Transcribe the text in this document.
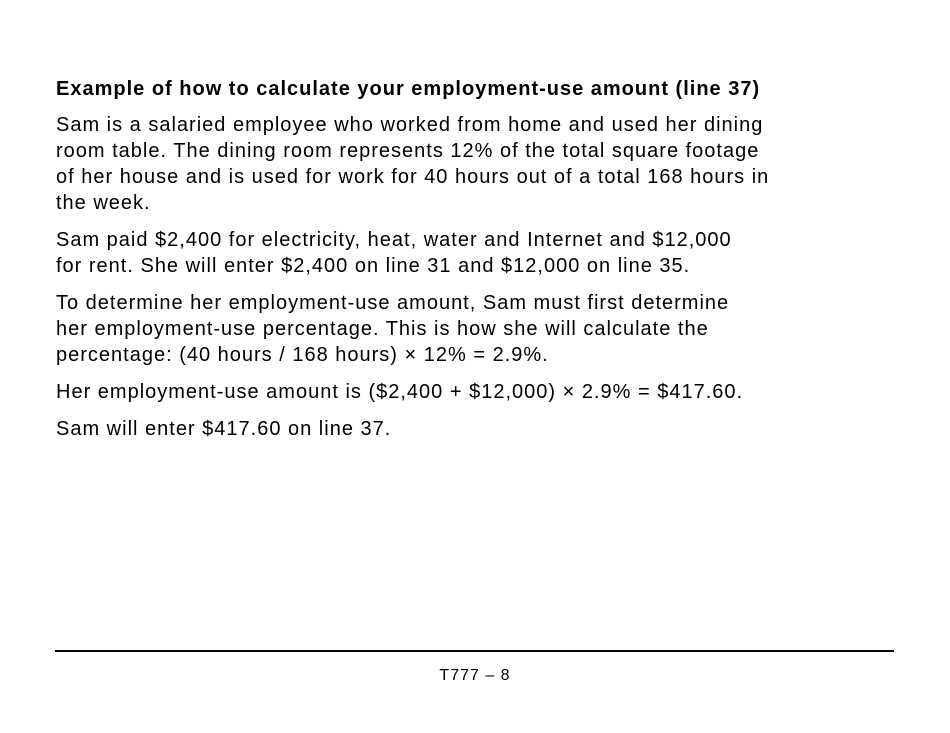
Example of how to calculate your employment-use amount (line 37)

Sam is a salaried employee who worked from home and used her dining
room table. The dining room represents 12% of the total square footage
of her house and is used for work for 40 hours out of a total 168 hours in
the week.

Sam paid $2,400 for electricity, heat, water and Internet and $12,000
for rent. She will enter $2,400 on line 31 and $12,000 on line 35.

To determine her employment-use amount, Sam must first determine
her employment-use percentage. This is how she will calculate the
percentage: (40 hours / 168 hours) × 12% = 2.9%.

Her employment-use amount is ($2,400 + $12,000) × 2.9% = $417.60.

Sam will enter $417.60 on line 37.

T777 – 8
